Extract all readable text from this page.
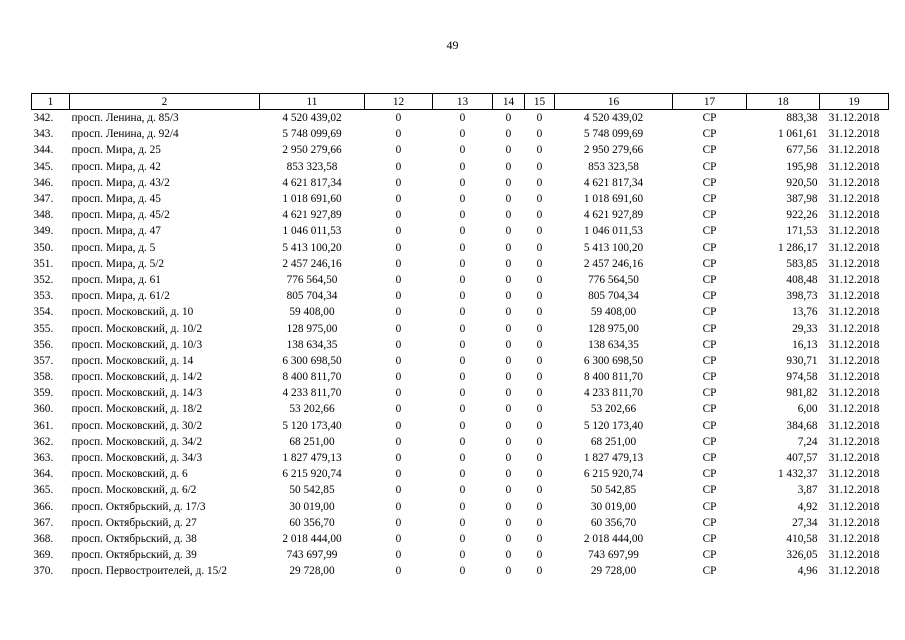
49
1	2	11	12	13	14	15	16	17	18	19
342.	просп. Ленина, д. 85/3	4 520 439,02	0	0	0	0	4 520 439,02	СР	883,38	31.12.2018
343.	просп. Ленина, д. 92/4	5 748 099,69	0	0	0	0	5 748 099,69	СР	1 061,61	31.12.2018
344.	просп. Мира, д. 25	2 950 279,66	0	0	0	0	2 950 279,66	СР	677,56	31.12.2018
345.	просп. Мира, д. 42	853 323,58	0	0	0	0	853 323,58	СР	195,98	31.12.2018
346.	просп. Мира, д. 43/2	4 621 817,34	0	0	0	0	4 621 817,34	СР	920,50	31.12.2018
347.	просп. Мира, д. 45	1 018 691,60	0	0	0	0	1 018 691,60	СР	387,98	31.12.2018
348.	просп. Мира, д. 45/2	4 621 927,89	0	0	0	0	4 621 927,89	СР	922,26	31.12.2018
349.	просп. Мира, д. 47	1 046 011,53	0	0	0	0	1 046 011,53	СР	171,53	31.12.2018
350.	просп. Мира, д. 5	5 413 100,20	0	0	0	0	5 413 100,20	СР	1 286,17	31.12.2018
351.	просп. Мира, д. 5/2	2 457 246,16	0	0	0	0	2 457 246,16	СР	583,85	31.12.2018
352.	просп. Мира, д. 61	776 564,50	0	0	0	0	776 564,50	СР	408,48	31.12.2018
353.	просп. Мира, д. 61/2	805 704,34	0	0	0	0	805 704,34	СР	398,73	31.12.2018
354.	просп. Московский, д. 10	59 408,00	0	0	0	0	59 408,00	СР	13,76	31.12.2018
355.	просп. Московский, д. 10/2	128 975,00	0	0	0	0	128 975,00	СР	29,33	31.12.2018
356.	просп. Московский, д. 10/3	138 634,35	0	0	0	0	138 634,35	СР	16,13	31.12.2018
357.	просп. Московский, д. 14	6 300 698,50	0	0	0	0	6 300 698,50	СР	930,71	31.12.2018
358.	просп. Московский, д. 14/2	8 400 811,70	0	0	0	0	8 400 811,70	СР	974,58	31.12.2018
359.	просп. Московский, д. 14/3	4 233 811,70	0	0	0	0	4 233 811,70	СР	981,82	31.12.2018
360.	просп. Московский, д. 18/2	53 202,66	0	0	0	0	53 202,66	СР	6,00	31.12.2018
361.	просп. Московский, д. 30/2	5 120 173,40	0	0	0	0	5 120 173,40	СР	384,68	31.12.2018
362.	просп. Московский, д. 34/2	68 251,00	0	0	0	0	68 251,00	СР	7,24	31.12.2018
363.	просп. Московский, д. 34/3	1 827 479,13	0	0	0	0	1 827 479,13	СР	407,57	31.12.2018
364.	просп. Московский, д. 6	6 215 920,74	0	0	0	0	6 215 920,74	СР	1 432,37	31.12.2018
365.	просп. Московский, д. 6/2	50 542,85	0	0	0	0	50 542,85	СР	3,87	31.12.2018
366.	просп. Октябрьский, д. 17/3	30 019,00	0	0	0	0	30 019,00	СР	4,92	31.12.2018
367.	просп. Октябрьский, д. 27	60 356,70	0	0	0	0	60 356,70	СР	27,34	31.12.2018
368.	просп. Октябрьский, д. 38	2 018 444,00	0	0	0	0	2 018 444,00	СР	410,58	31.12.2018
369.	просп. Октябрьский, д. 39	743 697,99	0	0	0	0	743 697,99	СР	326,05	31.12.2018
370.	просп. Первостроителей, д. 15/2	29 728,00	0	0	0	0	29 728,00	СР	4,96	31.12.2018
